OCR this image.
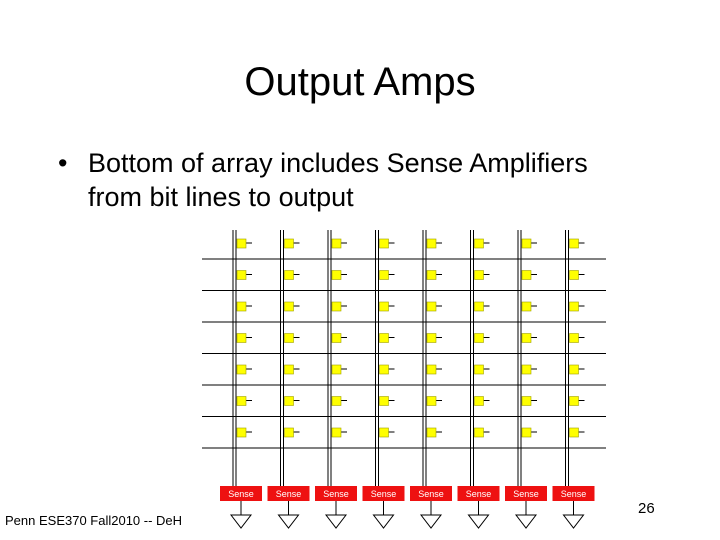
Output Amps
• Bottom of array includes Sense Amplifiers from bit lines to output
Sense Sense Sense Sense Sense Sense Sense Sense
Penn ESE370 Fall2010 -- DeH
26
